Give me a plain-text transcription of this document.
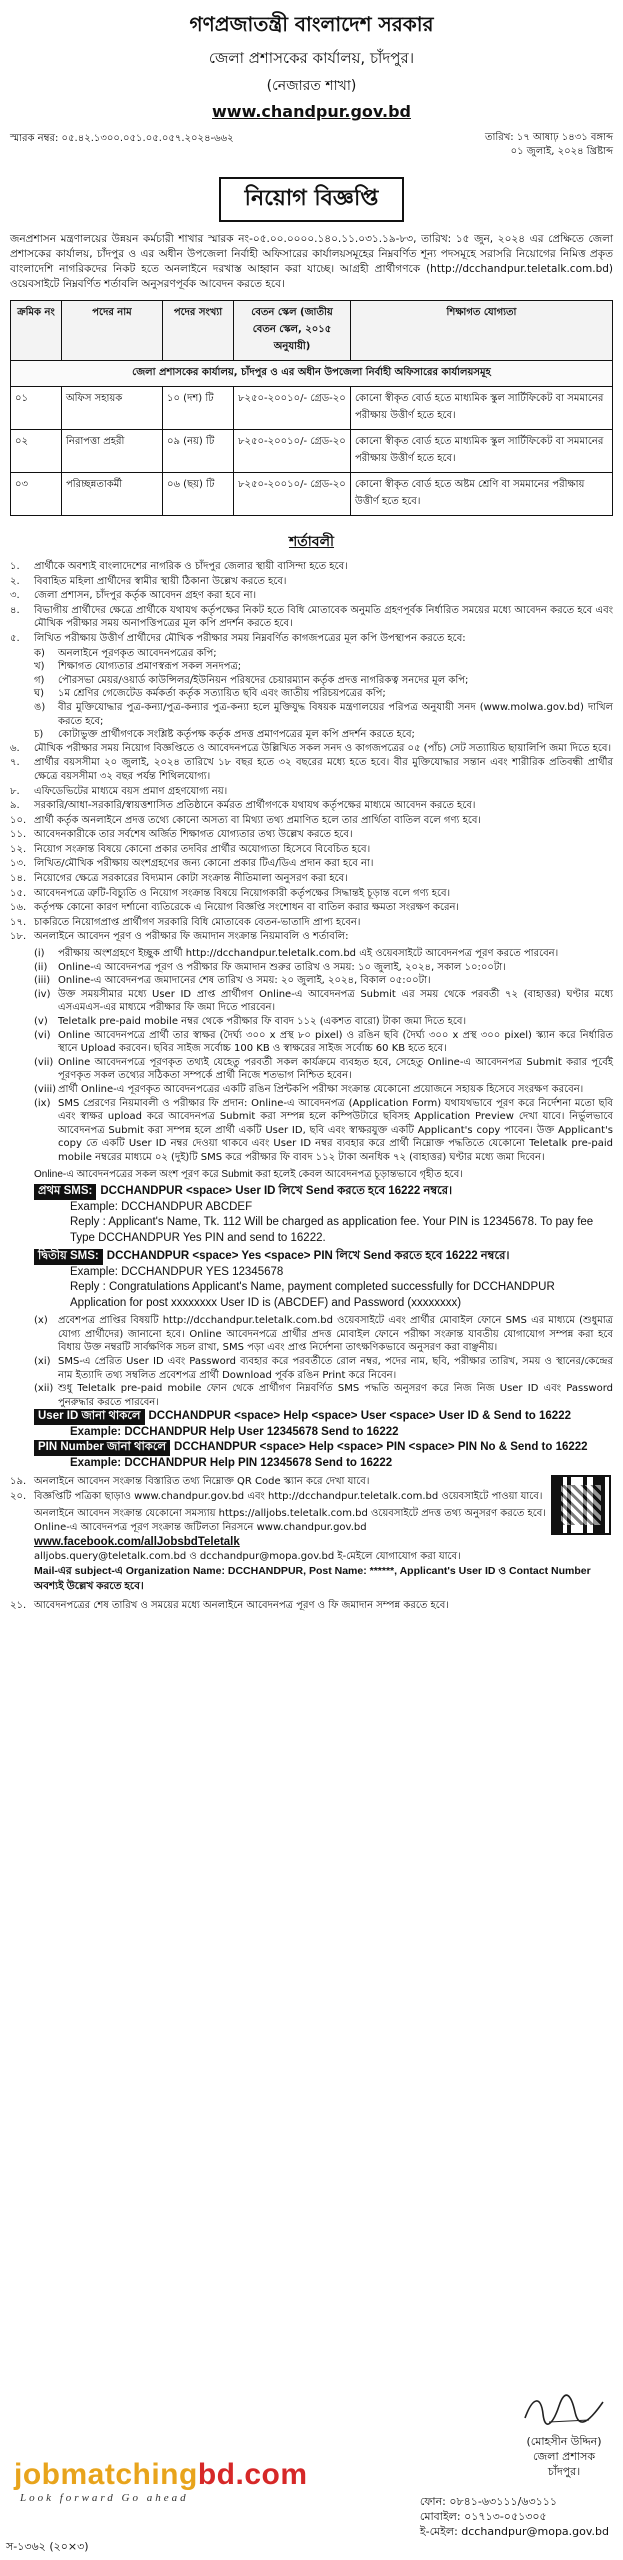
গণপ্রজাতন্ত্রী বাংলাদেশ সরকার
জেলা প্রশাসকের কার্যালয়, চাঁদপুর।
(নেজারত শাখা)
www.chandpur.gov.bd
স্মারক নম্বর: ০৫.৪২.১৩০০.০৫১.০৫.০৫৭.২০২৪-৬৬২	তারিখ: ১৭ আষাঢ় ১৪৩১ বঙ্গাব্দ
০১ জুলাই, ২০২৪ খ্রিষ্টাব্দ
নিয়োগ বিজ্ঞপ্তি

জনপ্রশাসন মন্ত্রণালয়ের উন্নয়ন কর্মচারী শাখার স্মারক নং-০৫.০০.০০০০.১৪০.১১.০৩১.১৯-৮৩, তারিখ: ১৫ জুন, ২০২৪ এর প্রেক্ষিতে জেলা প্রশাসকের কার্যালয়, চাঁদপুর ও এর অধীন উপজেলা নির্বাহী অফিসারের কার্যালয়সমূহের নিম্নবর্ণিত শূন্য পদসমূহে সরাসরি নিয়োগের নিমিত্ত প্রকৃত বাংলাদেশি নাগরিকদের নিকট হতে অনলাইনে দরখাস্ত আহ্বান করা যাচ্ছে। আগ্রহী প্রার্থীগণকে (http://dcchandpur.teletalk.com.bd) ওয়েবসাইটে নিম্নবর্ণিত শর্তাবলি অনুসরণপূর্বক আবেদন করতে হবে।

ক্রমিক নং	পদের নাম	পদের সংখ্যা	বেতন স্কেল (জাতীয় বেতন স্কেল, ২০১৫ অনুযায়ী)	শিক্ষাগত যোগ্যতা
জেলা প্রশাসকের কার্যালয়, চাঁদপুর ও এর অধীন উপজেলা নির্বাহী অফিসারের কার্যালয়সমূহ				
০১	অফিস সহায়ক	১০ (দশ) টি	৮২৫০-২০০১০/- গ্রেড-২০	কোনো স্বীকৃত বোর্ড হতে মাধ্যমিক স্কুল সার্টিফিকেট বা সমমানের পরীক্ষায় উত্তীর্ণ হতে হবে।
০২	নিরাপত্তা প্রহরী	০৯ (নয়) টি	৮২৫০-২০০১০/- গ্রেড-২০	কোনো স্বীকৃত বোর্ড হতে মাধ্যমিক স্কুল সার্টিফিকেট বা সমমানের পরীক্ষায় উত্তীর্ণ হতে হবে।
০৩	পরিচ্ছন্নতাকর্মী	০৬ (ছয়) টি	৮২৫০-২০০১০/- গ্রেড-২০	কোনো স্বীকৃত বোর্ড হতে অষ্টম শ্রেণি বা সমমানের পরীক্ষায় উত্তীর্ণ হতে হবে।
শর্তাবলী
১.	প্রার্থীকে অবশ্যই বাংলাদেশের নাগরিক ও চাঁদপুর জেলার স্থায়ী বাসিন্দা হতে হবে।
২.	বিবাহিত মহিলা প্রার্থীদের স্বামীর স্থায়ী ঠিকানা উল্লেখ করতে হবে।
৩.	জেলা প্রশাসন, চাঁদপুর কর্তৃক আবেদন গ্রহণ করা হবে না।
৪.	বিভাগীয় প্রার্থীদের ক্ষেত্রে প্রার্থীকে যথাযথ কর্তৃপক্ষের নিকট হতে বিধি মোতাবেক অনুমতি গ্রহণপূর্বক নির্ধারিত সময়ের মধ্যে আবেদন করতে হবে এবং মৌখিক পরীক্ষার সময় অনাপত্তিপত্রের মূল কপি প্রদর্শন করতে হবে।
৫.	লিখিত পরীক্ষায় উত্তীর্ণ প্রার্থীদের মৌখিক পরীক্ষার সময় নিম্নবর্ণিত কাগজপত্রের মূল কপি উপস্থাপন করতে হবে:
ক)	অনলাইনে পূরণকৃত আবেদনপত্রের কপি;
খ)	শিক্ষাগত যোগ্যতার প্রমাণস্বরূপ সকল সনদপত্র;
গ)	পৌরসভা মেয়র/ওয়ার্ড কাউন্সিলর/ইউনিয়ন পরিষদের চেয়ারম্যান কর্তৃক প্রদত্ত নাগরিকত্ব সনদের মূল কপি;
ঘ)	১ম শ্রেণির গেজেটেড কর্মকর্তা কর্তৃক সত্যায়িত ছবি এবং জাতীয় পরিচয়পত্রের কপি;
ঙ)	বীর মুক্তিযোদ্ধার পুত্র-কন্যা/পুত্র-কন্যার পুত্র-কন্যা হলে মুক্তিযুদ্ধ বিষয়ক মন্ত্রণালয়ের পরিপত্র অনুযায়ী সনদ (www.molwa.gov.bd) দাখিল করতে হবে;
চ)	কোটাভুক্ত প্রার্থীগণকে সংশ্লিষ্ট কর্তৃপক্ষ কর্তৃক প্রদত্ত প্রমাণপত্রের মূল কপি প্রদর্শন করতে হবে;
৬.	মৌখিক পরীক্ষার সময় নিয়োগ বিজ্ঞপ্তিতে ও আবেদনপত্রে উল্লিখিত সকল সনদ ও কাগজপত্রের ০৫ (পাঁচ) সেট সত্যায়িত ছায়ালিপি জমা দিতে হবে।
৭.	প্রার্থীর বয়সসীমা ২০ জুলাই, ২০২৪ তারিখে ১৮ বছর হতে ৩২ বছরের মধ্যে হতে হবে। বীর মুক্তিযোদ্ধার সন্তান এবং শারীরিক প্রতিবন্ধী প্রার্থীর ক্ষেত্রে বয়সসীমা ৩২ বছর পর্যন্ত শিথিলযোগ্য।
৮.	এফিডেভিটের মাধ্যমে বয়স প্রমাণ গ্রহণযোগ্য নয়।
৯.	সরকারি/আধা-সরকারি/স্বায়ত্তশাসিত প্রতিষ্ঠানে কর্মরত প্রার্থীগণকে যথাযথ কর্তৃপক্ষের মাধ্যমে আবেদন করতে হবে।
১০. প্রার্থী কর্তৃক অনলাইনে প্রদত্ত তথ্যে কোনো অসত্য বা মিথ্যা তথ্য প্রমাণিত হলে তার প্রার্থিতা বাতিল বলে গণ্য হবে।
১১. আবেদনকারীকে তার সর্বশেষ অর্জিত শিক্ষাগত যোগ্যতার তথ্য উল্লেখ করতে হবে।
১২. নিয়োগ সংক্রান্ত বিষয়ে কোনো প্রকার তদবির প্রার্থীর অযোগ্যতা হিসেবে বিবেচিত হবে।
১৩. লিখিত/মৌখিক পরীক্ষায় অংশগ্রহণের জন্য কোনো প্রকার টিএ/ডিএ প্রদান করা হবে না।
১৪. নিয়োগের ক্ষেত্রে সরকারের বিদ্যমান কোটা সংক্রান্ত নীতিমালা অনুসরণ করা হবে।
১৫. আবেদনপত্রে ত্রুটি-বিচ্যুতি ও নিয়োগ সংক্রান্ত বিষয়ে নিয়োগকারী কর্তৃপক্ষের সিদ্ধান্তই চূড়ান্ত বলে গণ্য হবে।
১৬. কর্তৃপক্ষ কোনো কারণ দর্শানো ব্যতিরেকে এ নিয়োগ বিজ্ঞপ্তি সংশোধন বা বাতিল করার ক্ষমতা সংরক্ষণ করেন।
১৭. চাকরিতে নিয়োগপ্রাপ্ত প্রার্থীগণ সরকারি বিধি মোতাবেক বেতন-ভাতাদি প্রাপ্য হবেন।
১৮. অনলাইনে আবেদন পূরণ ও পরীক্ষার ফি জমাদান সংক্রান্ত নিয়মাবলি ও শর্তাবলি:
(i)	পরীক্ষায় অংশগ্রহণে ইচ্ছুক প্রার্থী http://dcchandpur.teletalk.com.bd এই ওয়েবসাইটে আবেদনপত্র পূরণ করতে পারবেন।
(ii)	Online-এ আবেদনপত্র পূরণ ও পরীক্ষার ফি জমাদান শুরুর তারিখ ও সময়: ১০ জুলাই, ২০২৪, সকাল ১০:০০টা।
(iii) Online-এ আবেদনপত্র জমাদানের শেষ তারিখ ও সময়: ২০ জুলাই, ২০২৪, বিকাল ০৫:০০টা।
(iv) উক্ত সময়সীমার মধ্যে User ID প্রাপ্ত প্রার্থীগণ Online-এ আবেদনপত্র Submit এর সময় থেকে পরবর্তী ৭২ (বাহাত্তর) ঘণ্টার মধ্যে এসএমএস-এর মাধ্যমে পরীক্ষার ফি জমা দিতে পারবেন।
(v)	Teletalk pre-paid mobile নম্বর থেকে পরীক্ষার ফি বাবদ ১১২ (একশত বারো) টাকা জমা দিতে হবে।
(vi) Online আবেদনপত্রে প্রার্থী তার স্বাক্ষর (দৈর্ঘ্য ৩০০ x প্রস্থ ৮০ pixel) ও রঙিন ছবি (দৈর্ঘ্য ৩০০ x প্রস্থ ৩০০ pixel) স্ক্যান করে নির্ধারিত স্থানে Upload করবেন। ছবির সাইজ সর্বোচ্চ 100 KB ও স্বাক্ষরের সাইজ সর্বোচ্চ 60 KB হতে হবে।
(vii) Online আবেদনপত্রে পূরণকৃত তথ্যই যেহেতু পরবর্তী সকল কার্যক্রমে ব্যবহৃত হবে, সেহেতু Online-এ আবেদনপত্র Submit করার পূর্বেই পূরণকৃত সকল তথ্যের সঠিকতা সম্পর্কে প্রার্থী নিজে শতভাগ নিশ্চিত হবেন।
(viii) প্রার্থী Online-এ পূরণকৃত আবেদনপত্রের একটি রঙিন প্রিন্টকপি পরীক্ষা সংক্রান্ত যেকোনো প্রয়োজনে সহায়ক হিসেবে সংরক্ষণ করবেন।
(ix) SMS প্রেরণের নিয়মাবলী ও পরীক্ষার ফি প্রদান: Online-এ আবেদনপত্র (Application Form) যথাযথভাবে পূরণ করে নির্দেশনা মতো ছবি এবং স্বাক্ষর upload করে আবেদনপত্র Submit করা সম্পন্ন হলে কম্পিউটারে ছবিসহ Application Preview দেখা যাবে। নির্ভুলভাবে আবেদনপত্র Submit করা সম্পন্ন হলে প্রার্থী একটি User ID, ছবি এবং স্বাক্ষরযুক্ত একটি Applicant's copy পাবেন। উক্ত Applicant's copy তে একটি User ID নম্বর দেওয়া থাকবে এবং User ID নম্বর ব্যবহার করে প্রার্থী নিম্নোক্ত পদ্ধতিতে যেকোনো Teletalk pre-paid mobile নম্বরের মাধ্যমে ০২ (দুই)টি SMS করে পরীক্ষার ফি বাবদ ১১২ টাকা অনধিক ৭২ (বাহাত্তর) ঘণ্টার মধ্যে জমা দিবেন।
Online-এ আবেদনপত্রের সকল অংশ পূরণ করে Submit করা হলেই কেবল আবেদনপত্র চূড়ান্তভাবে গৃহীত হবে।
প্রথম SMS: DCCHANDPUR <space> User ID লিখে Send করতে হবে 16222 নম্বরে।
Example: DCCHANDPUR ABCDEF
Reply : Applicant's Name, Tk. 112 Will be charged as application fee. Your PIN is 12345678. To pay fee Type DCCHANDPUR Yes PIN and send to 16222.
দ্বিতীয় SMS: DCCHANDPUR <space> Yes <space> PIN লিখে Send করতে হবে 16222 নম্বরে।
Example: DCCHANDPUR YES 12345678
Reply : Congratulations Applicant's Name, payment completed successfully for DCCHANDPUR Application for post xxxxxxxx User ID is (ABCDEF) and Password (xxxxxxxx)
(x)	প্রবেশপত্র প্রাপ্তির বিষয়টি http://dcchandpur.teletalk.com.bd ওয়েবসাইটে এবং প্রার্থীর মোবাইল ফোনে SMS এর মাধ্যমে (শুধুমাত্র যোগ্য প্রার্থীদের) জানানো হবে। Online আবেদনপত্রে প্রার্থীর প্রদত্ত মোবাইল ফোনে পরীক্ষা সংক্রান্ত যাবতীয় যোগাযোগ সম্পন্ন করা হবে বিধায় উক্ত নম্বরটি সার্বক্ষণিক সচল রাখা, SMS পড়া এবং প্রাপ্ত নির্দেশনা তাৎক্ষণিকভাবে অনুসরণ করা বাঞ্ছনীয়।
(xi) SMS-এ প্রেরিত User ID এবং Password ব্যবহার করে পরবর্তীতে রোল নম্বর, পদের নাম, ছবি, পরীক্ষার তারিখ, সময় ও স্থানের/কেন্দ্রের নাম ইত্যাদি তথ্য সম্বলিত প্রবেশপত্র প্রার্থী Download পূর্বক রঙিন Print করে নিবেন।
(xii) শুধু Teletalk pre-paid mobile ফোন থেকে প্রার্থীগণ নিম্নবর্ণিত SMS পদ্ধতি অনুসরণ করে নিজ নিজ User ID এবং Password পুনরুদ্ধার করতে পারবেন।
User ID জানা থাকলে DCCHANDPUR <space> Help <space> User <space> User ID & Send to 16222
Example: DCCHANDPUR Help User 12345678 Send to 16222
PIN Number জানা থাকলে DCCHANDPUR <space> Help <space> PIN <space> PIN No & Send to 16222
Example: DCCHANDPUR Help PIN 12345678 Send to 16222
১৯. অনলাইনে আবেদন সংক্রান্ত বিস্তারিত তথ্য নিম্নোক্ত QR Code স্ক্যান করে দেখা যাবে।
২০. বিজ্ঞপ্তিটি পত্রিকা ছাড়াও www.chandpur.gov.bd এবং http://dcchandpur.teletalk.com.bd ওয়েবসাইটে পাওয়া যাবে।
অনলাইনে আবেদন সংক্রান্ত যেকোনো সমস্যায় https://alljobs.teletalk.com.bd ওয়েবসাইটে প্রদত্ত তথ্য অনুসরণ করতে হবে।
Online-এ আবেদনপত্র পূরণ সংক্রান্ত জটিলতা নিরসনে www.chandpur.gov.bd
www.facebook.com/allJobsbdTeletalk
alljobs.query@teletalk.com.bd ও dcchandpur@mopa.gov.bd ই-মেইলে যোগাযোগ করা যাবে।
Mail-এর subject-এ Organization Name: DCCHANDPUR, Post Name: ******, Applicant's User ID ও Contact Number অবশ্যই উল্লেখ করতে হবে।
২১. আবেদনপত্রের শেষ তারিখ ও সময়ের মধ্যে অনলাইনে আবেদনপত্র পূরণ ও ফি জমাদান সম্পন্ন করতে হবে।
(মোহসীন উদ্দিন)
জেলা প্রশাসক
চাঁদপুর।
jobmatchingbd.com
Look forward Go ahead	ফোন: ০৮৪১-৬৩১১১/৬৩১১১
মোবাইল: ০১৭১৩-০৫১৩০৫
ই-মেইল: dcchandpur@mopa.gov.bd
স-১৩৬২ (২০×৩)
